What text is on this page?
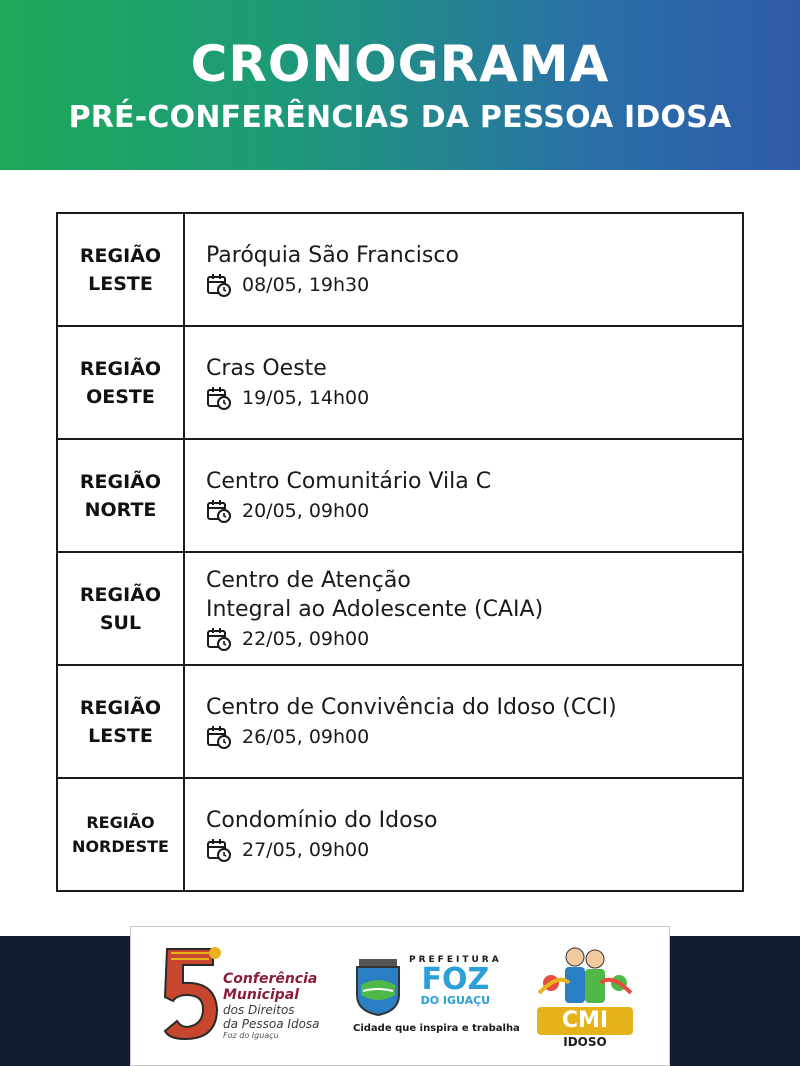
CRONOGRAMA
PRÉ-CONFERÊNCIAS DA PESSOA IDOSA
REGIÃO
LESTE
Paróquia São Francisco
08/05, 19h30
REGIÃO
OESTE
Cras Oeste
19/05, 14h00
REGIÃO
NORTE
Centro Comunitário Vila C
20/05, 09h00
REGIÃO
SUL
Centro de Atenção
Integral ao Adolescente (CAIA)
22/05, 09h00
REGIÃO
LESTE
Centro de Convivência do Idoso (CCI)
26/05, 09h00
REGIÃO
NORDESTE
Condomínio do Idoso
27/05, 09h00
Conferência
Municipal
dos Direitos
da Pessoa Idosa
Foz do Iguaçu
PREFEITURA
FOZ
DO IGUAÇU
Cidade que inspira e trabalha	CMI
IDOSO
